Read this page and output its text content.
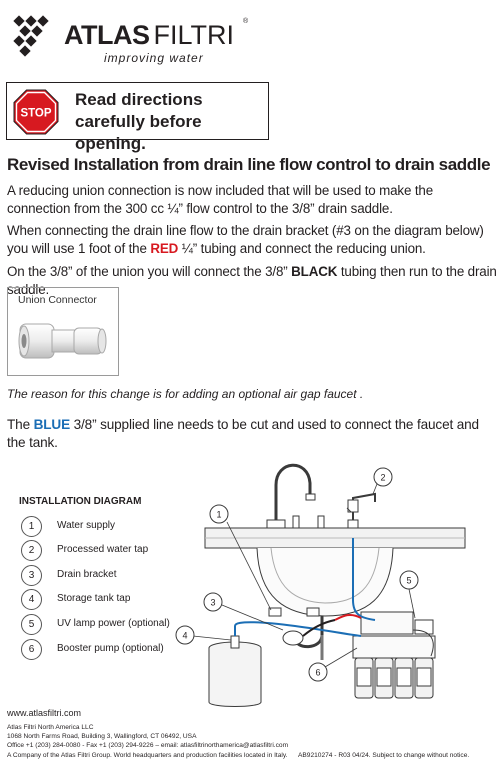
ATLAS FILTRI ®
improving water
STOP
Read directions carefully before opening.
Revised Installation from drain line flow control to drain saddle
A reducing union connection is now included that will be used to make the connection from the 300 cc ¼” flow control to the 3/8” drain saddle.
When connecting the drain line flow to the drain bracket (#3 on the diagram below) you will use 1 foot of the RED ¼” tubing and connect the reducing union.
On the 3/8” of the union you will connect the 3/8” BLACK tubing then run to the drain saddle.
Union Connector
The reason for this change is for adding an optional air gap faucet .
The BLUE 3/8” supplied line needs to be cut and used to connect the faucet and the tank.
INSTALLATION DIAGRAM
1	Water supply
2	Processed water tap
3	Drain bracket
4	Storage tank tap
5	UV lamp power (optional)
6	Booster pump (optional)
1
2
3
4
5
6
www.atlasfiltri.com
Atlas Filtri North America LLC
1068 North Farms Road, Building 3, Wallingford, CT 06492, USA
Office +1 (203) 284-0080 - Fax +1 (203) 294-9226 – email: atlasfiltrinorthamerica@atlasfiltri.com
A Company of the Atlas Filtri Group. World headquarters and production facilities located in Italy. AB9210274 - R03 04/24. Subject to change without notice.
